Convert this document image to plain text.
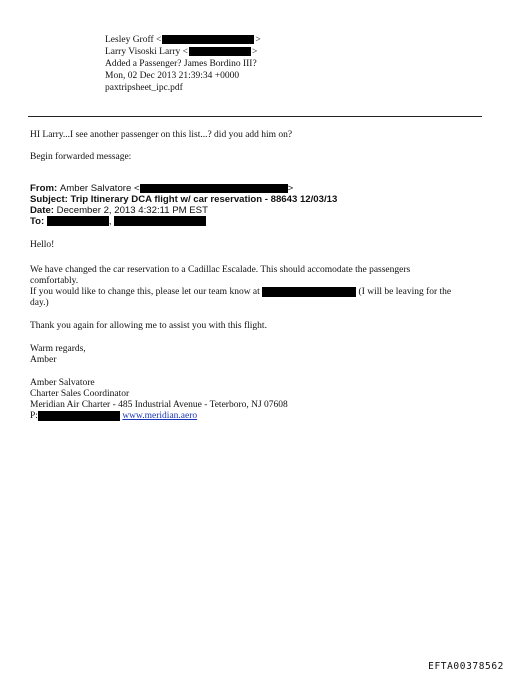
Lesley Groff <	>
Larry Visoski Larry <	>
Added a Passenger? James Bordino III?
Mon, 02 Dec 2013 21:39:34 +0000
paxtripsheet_ipc.pdf
HI Larry...I see another passenger on this list...? did you add him on?
Begin forwarded message:
From: Amber Salvatore <	>
Subject: Trip Itinerary DCA flight w/ car reservation - 88643 12/03/13
Date: December 2, 2013 4:32:11 PM EST
To:	,
Hello!
We have changed the car reservation to a Cadillac Escalade. This should accomodate the passengers
comfortably.
If you would like to change this, please let our team know at	(I will be leaving for the
day.)
Thank you again for allowing me to assist you with this flight.
Warm regards,
Amber
Amber Salvatore
Charter Sales Coordinator
Meridian Air Charter - 485 Industrial Avenue - Teterboro, NJ 07608
P:	www.meridian.aero
EFTA00378562
